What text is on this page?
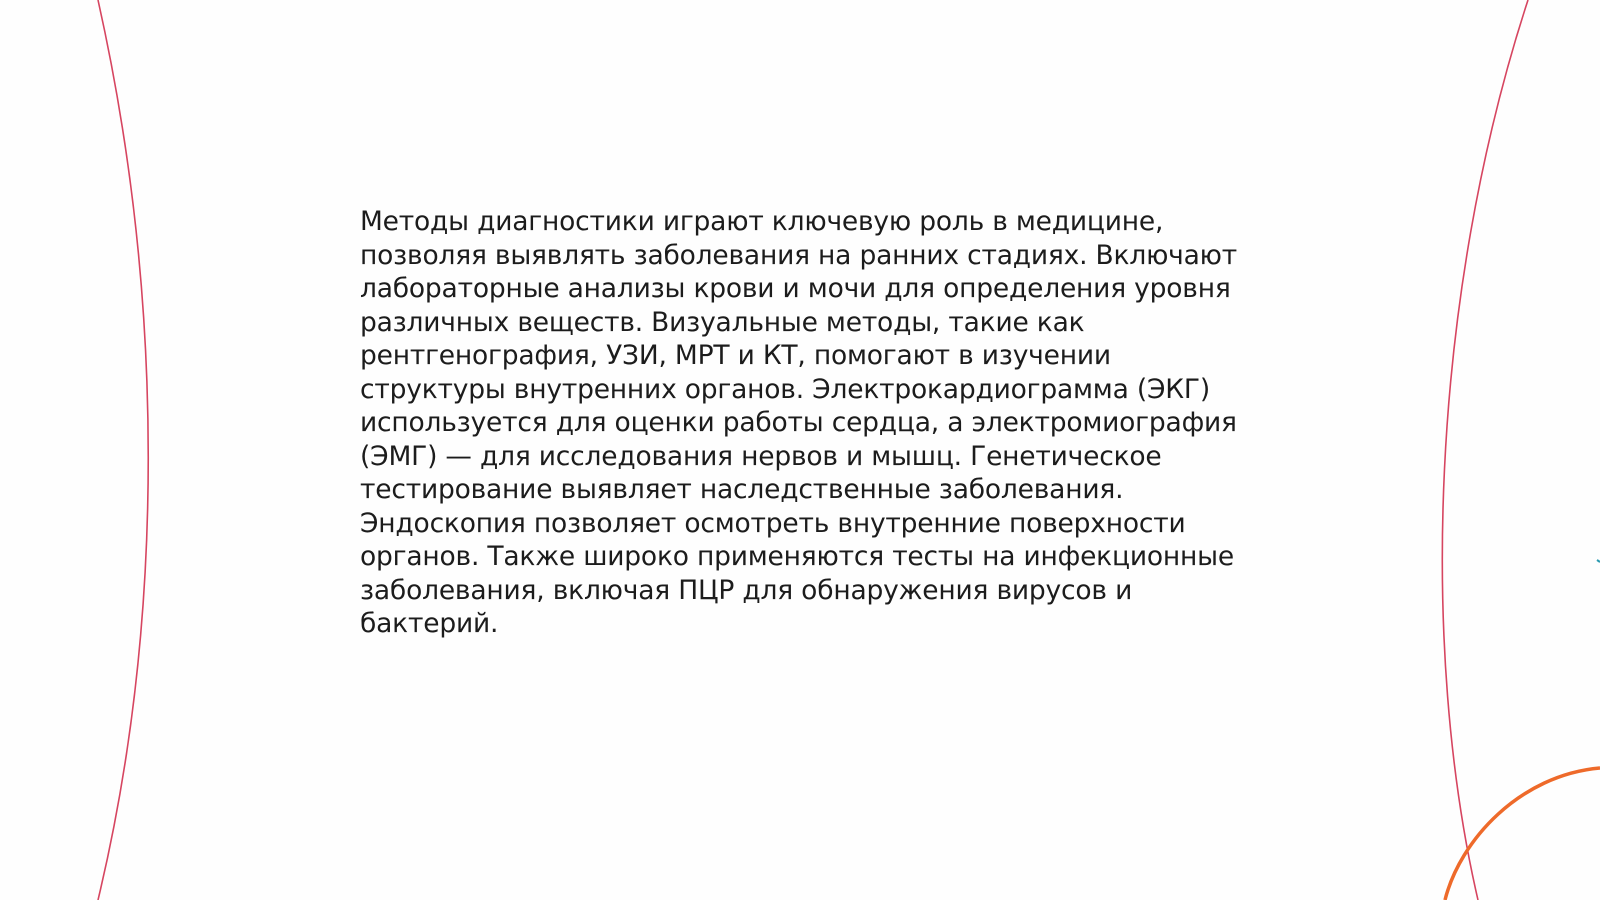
Методы диагностики играют ключевую роль в медицине,
позволяя выявлять заболевания на ранних стадиях. Включают
лабораторные анализы крови и мочи для определения уровня
различных веществ. Визуальные методы, такие как
рентгенография, УЗИ, МРТ и КТ, помогают в изучении
структуры внутренних органов. Электрокардиограмма (ЭКГ)
используется для оценки работы сердца, а электромиография
(ЭМГ) — для исследования нервов и мышц. Генетическое
тестирование выявляет наследственные заболевания.
Эндоскопия позволяет осмотреть внутренние поверхности
органов. Также широко применяются тесты на инфекционные
заболевания, включая ПЦР для обнаружения вирусов и
бактерий.
